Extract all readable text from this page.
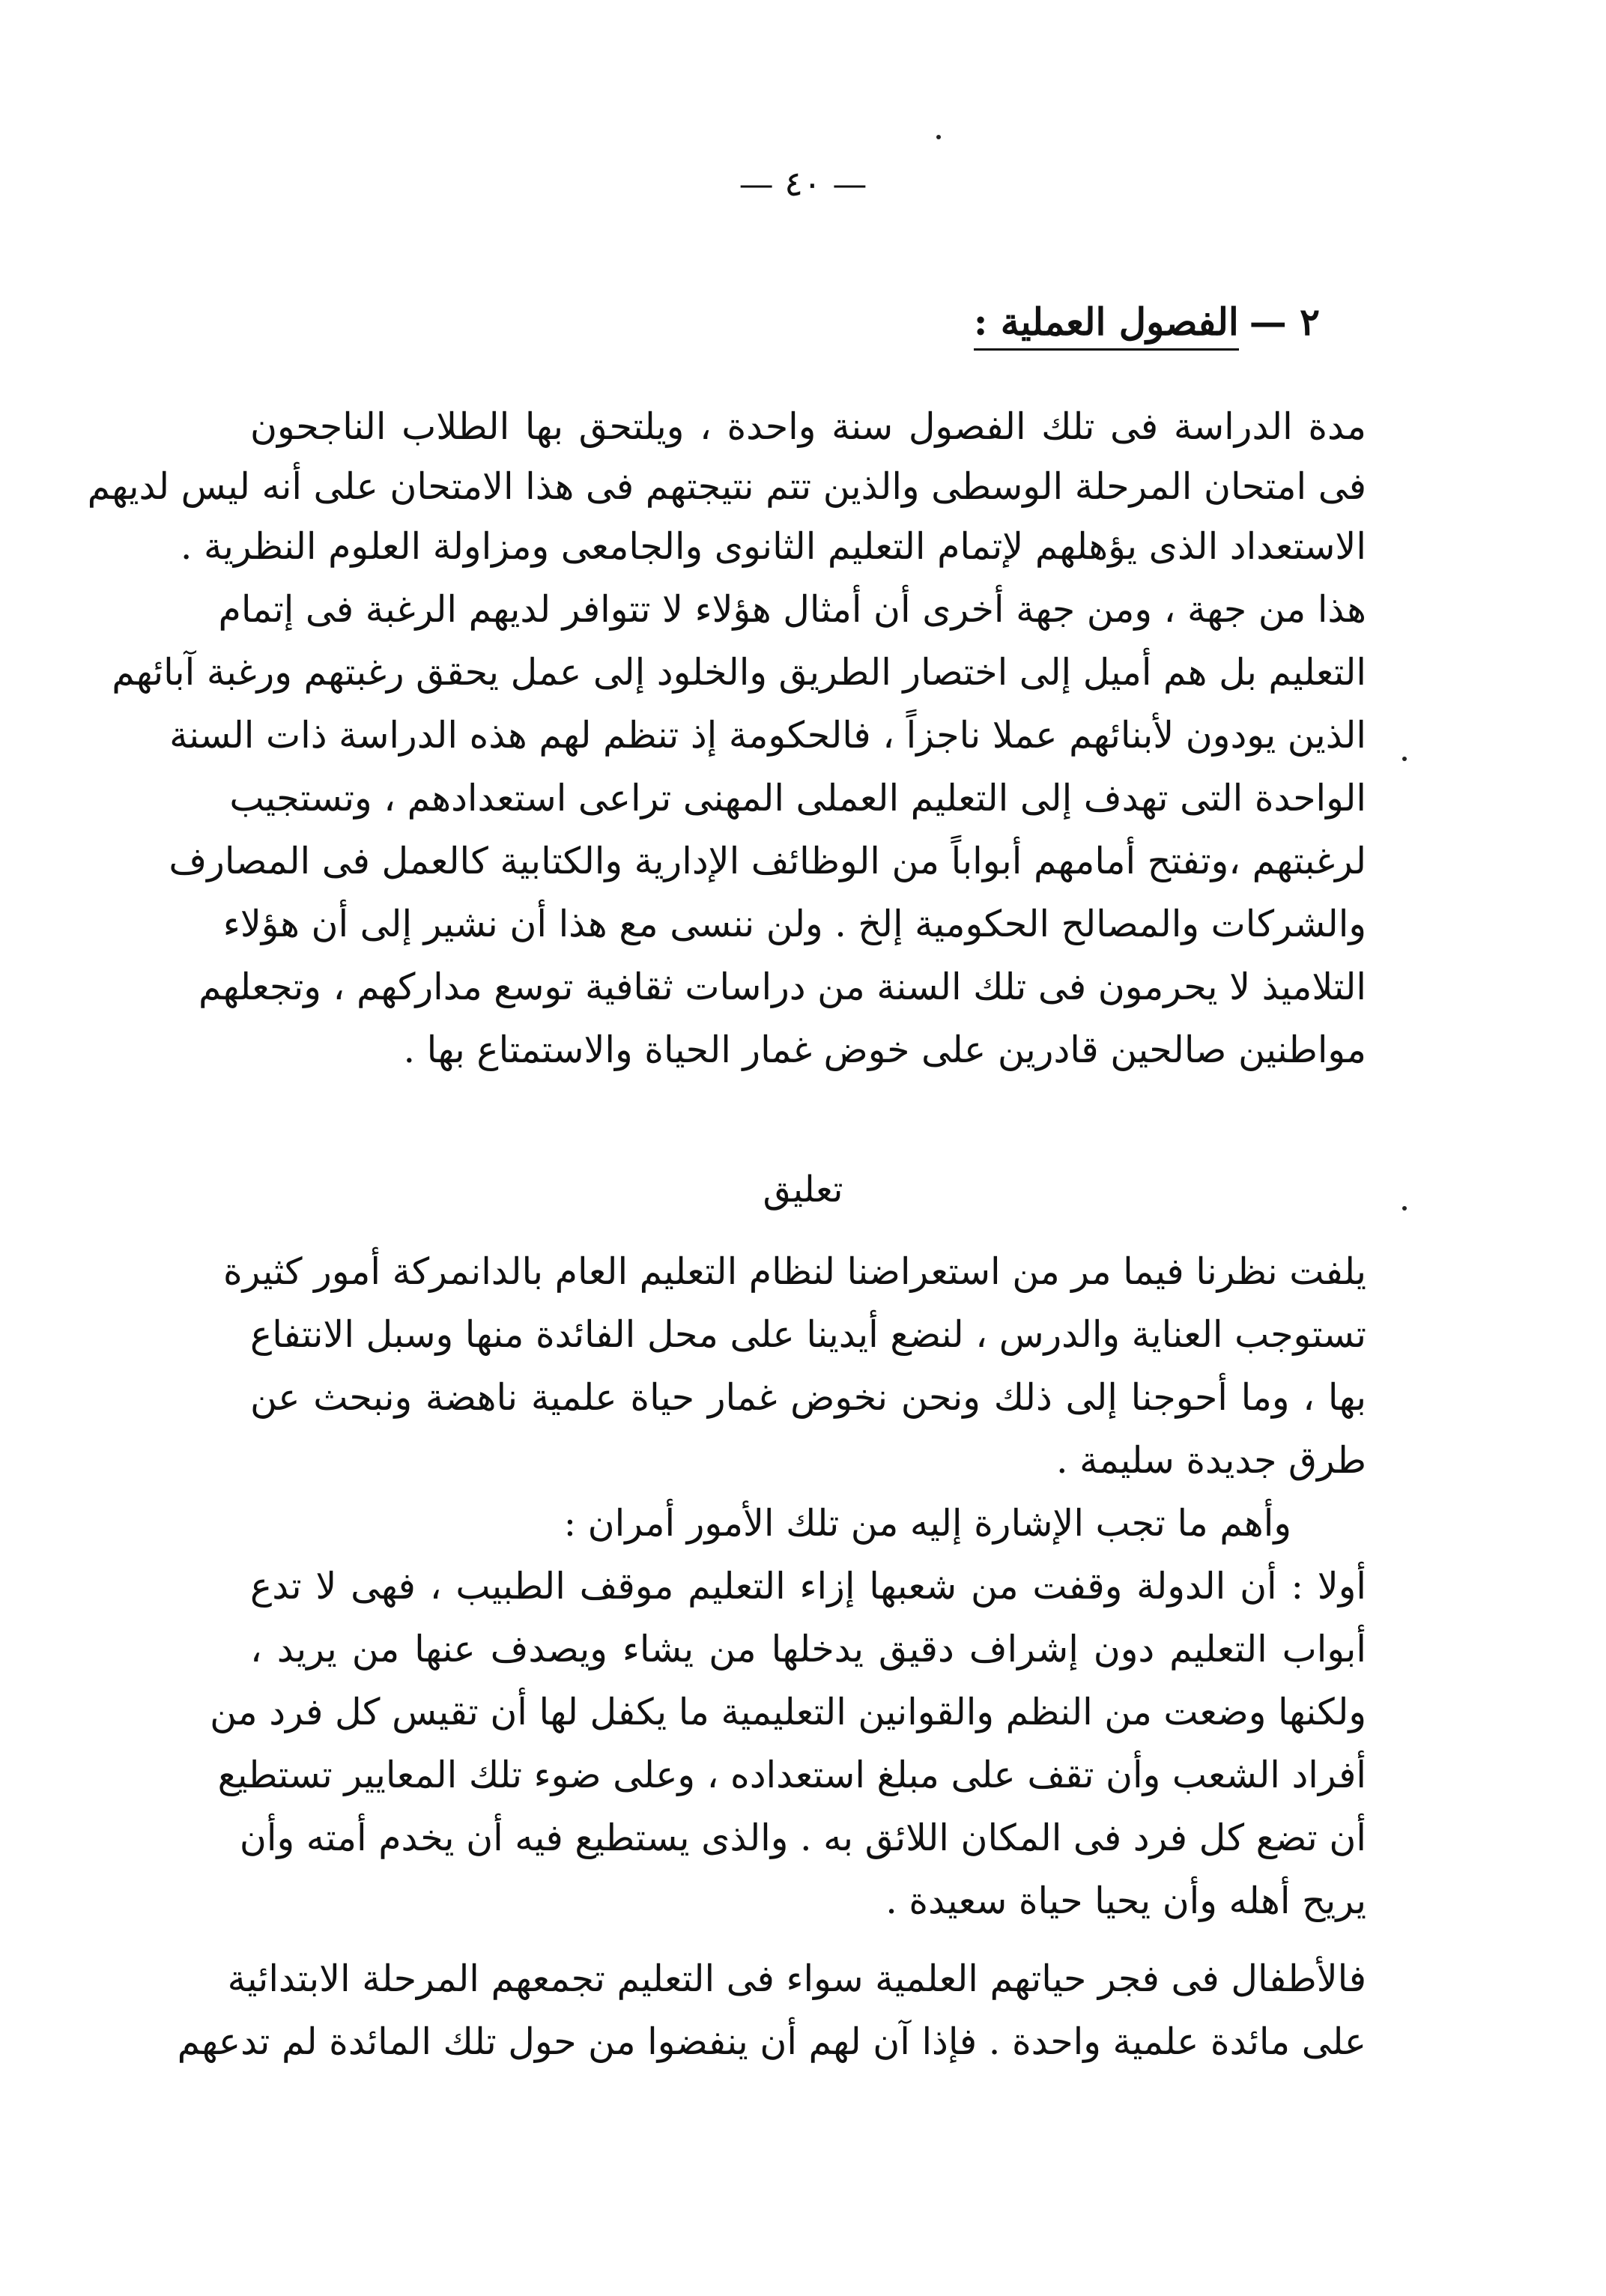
— ٤٠ —
٢ —الفصول العملية :
مدة الدراسة فى تلك الفصول سنة واحدة ، ويلتحق بها الطلاب الناجحون
فى امتحان المرحلة الوسطى والذين تتم نتيجتهم فى هذا الامتحان على أنه ليس لديهم
الاستعداد الذى يؤهلهم لإتمام التعليم الثانوى والجامعى ومزاولة العلوم النظرية .
هذا من جهة ، ومن جهة أخرى أن أمثال هؤلاء لا تتوافر لديهم الرغبة فى إتمام
التعليم بل هم أميل إلى اختصار الطريق والخلود إلى عمل يحقق رغبتهم ورغبة آبائهم
الذين يودون لأبنائهم عملا ناجزاً ، فالحكومة إذ تنظم لهم هذه الدراسة ذات السنة
الواحدة التى تهدف إلى التعليم العملى المهنى تراعى استعدادهم ، وتستجيب
لرغبتهم ،وتفتح أمامهم أبواباً من الوظائف الإدارية والكتابية كالعمل فى المصارف
والشركات والمصالح الحكومية إلخ . ولن ننسى مع هذا أن نشير إلى أن هؤلاء
التلاميذ لا يحرمون فى تلك السنة من دراسات ثقافية توسع مداركهم ، وتجعلهم
مواطنين صالحين قادرين على خوض غمار الحياة والاستمتاع بها .
تعليق
يلفت نظرنا فيما مر من استعراضنا لنظام التعليم العام بالدانمركة أمور كثيرة
تستوجب العناية والدرس ، لنضع أيدينا على محل الفائدة منها وسبل الانتفاع
بها ، وما أحوجنا إلى ذلك ونحن نخوض غمار حياة علمية ناهضة ونبحث عن
طرق جديدة سليمة .
وأهم ما تجب الإشارة إليه من تلك الأمور أمران :
أولا : أن الدولة وقفت من شعبها إزاء التعليم موقف الطبيب ، فهى لا تدع
أبواب التعليم دون إشراف دقيق يدخلها من يشاء ويصدف عنها من يريد ،
ولكنها وضعت من النظم والقوانين التعليمية ما يكفل لها أن تقيس كل فرد من
أفراد الشعب وأن تقف على مبلغ استعداده ، وعلى ضوء تلك المعايير تستطيع
أن تضع كل فرد فى المكان اللائق به . والذى يستطيع فيه أن يخدم أمته وأن
يريح أهله وأن يحيا حياة سعيدة .
فالأطفال فى فجر حياتهم العلمية سواء فى التعليم تجمعهم المرحلة الابتدائية
على مائدة علمية واحدة . فإذا آن لهم أن ينفضوا من حول تلك المائدة لم تدعهم
